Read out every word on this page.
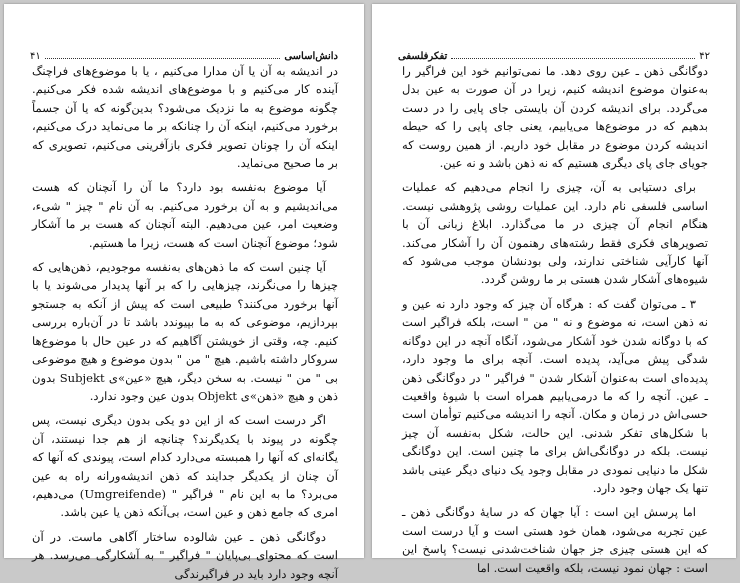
دانش‌اساسی
۴۱

در اندیشه به آن یا آن مدارا می‌کنیم ، یا با موضوع‌های فراچنگ آینده کار می‌کنیم و با موضوع‌های اندیشه شده فکر می‌کنیم. چگونه موضوع به ما نزدیک می‌شود؟ بدین‌گونه که یا آن جسماً برخورد می‌کنیم، اینکه آن را چنانکه بر ما می‌نماید درک می‌کنیم، اینکه آن را چونان تصویر فکری بازآفرینی می‌کنیم، تصویری که بر ما صحیح می‌نماید.

آیا موضوع به‌نفسه بود دارد؟ ما آن را آنچنان که هست می‌اندیشیم و به آن برخورد می‌کنیم. به آن نام " چیز " شیء، وضعیت امر، عین می‌دهیم. البته آنچنان که هست بر ما آشکار شود؛ موضوع آنچنان است که هست، زیرا ما هستیم.

آیا چنین است که ما ذهن‌های به‌نفسه موجودیم، ذهن‌هایی که چیزها را می‌نگرند، چیزهایی را که بر آنها پدیدار می‌شوند یا با آنها برخورد می‌کنند؟ طبیعی است که پیش از آنکه به جستجو بپردازیم، موضوعی که به ما بپیوندد باشد تا در آن‌باره بررسی کنیم. چه، وقتی از خویشتن آگاهیم که در عین حال با موضوع‌ها سروکار داشته باشیم. هیچ " من " بدون موضوع و هیچ موضوعی بی " من " نیست. به سخن دیگر، هیچ «عین»ی Subjekt بدون ذهن و هیچ «ذهن»ی Objekt بدون عین وجود ندارد.

اگر درست است که از این دو یکی بدون دیگری نیست، پس چگونه در پیوند با یکدیگرند؟ چنانچه از هم جدا نیستند، آن یگانه‌ای که آنها را همبسته می‌دارد کدام است، پیوندی که آنها که آن چنان از یکدیگر جدایند که ذهن اندیشه‌ورانه راه به عین می‌برد؟ ما به این نام " فراگیر " (Umgreifende) می‌دهیم، امری که جامع ذهن و عین است، بی‌آنکه ذهن یا عین باشد.

دوگانگی ذهن ـ عین شالوده ساختار آگاهی ماست. در آن است که محتوای بی‌پایان " فراگیر " به آشکارگی می‌رسد. هر آنچه وجود دارد باید در فراگیرندگی

۴۲
تفکرفلسفی

دوگانگی ذهن ـ عین روی دهد. ما نمی‌توانیم خود این فراگیر را به‌عنوان موضوع اندیشه کنیم، زیرا در آن صورت به عین بدل می‌گردد. برای اندیشه کردن آن بایستی جای پایی را در دست بدهیم که در موضوع‌ها می‌یابیم، یعنی جای پایی را که حیطه اندیشه کردن موضوع در مقابل خود داریم. از همین روست که جویای جای پای دیگری هستیم که نه ذهن باشد و نه عین.

برای دستیابی به آن، چیزی را انجام می‌دهیم که عملیات اساسی فلسفی نام دارد. این عملیات روشی پژوهشی نیست. هنگام انجام آن چیزی در ما می‌گذارد. ابلاغ زبانی آن با تصویرهای فکری فقط رشته‌های رهنمون آن را آشکار می‌کند. آنها کارآیی شناختی ندارند، ولی بودنشان موجب می‌شود که شیوه‌های آشکار شدن هستی بر ما روشن گردد.

۳ ـ می‌توان گفت که : هرگاه آن چیز که وجود دارد نه عین و نه ذهن است، نه موضوع و نه " من " است، بلکه فراگیر است که با دوگانه شدن خود آشکار می‌شود، آنگاه آنچه در این دوگانه شدگی پیش می‌آید، پدیده است. آنچه برای ما وجود دارد، پدیده‌ای است به‌عنوان آشکار شدن " فراگیر " در دوگانگی ذهن ـ عین. آنچه را که ما درمی‌یابیم همراه است با شیوهٔ واقعیت حسی‌اش در زمان و مکان. آنچه را اندیشه می‌کنیم توأمان است با شکل‌های تفکر شدنی. این حالت، شکل به‌نفسه آن چیز نیست. بلکه در دوگانگی‌اش برای ما چنین است. این دوگانگی شکل ما دنیایی نمودی در مقابل وجود یک دنیای دیگر عینی باشد تنها یک جهان وجود دارد.

اما پرسش این است : آیا جهان که در سایهٔ دوگانگی ذهن ـ عین تجربه می‌شود، همان خود هستی است و آیا درست است که این هستی چیزی جز جهان شناخت‌شدنی نیست؟ پاسخ این است : جهان نمود نیست، بلکه واقعیت است. اما
